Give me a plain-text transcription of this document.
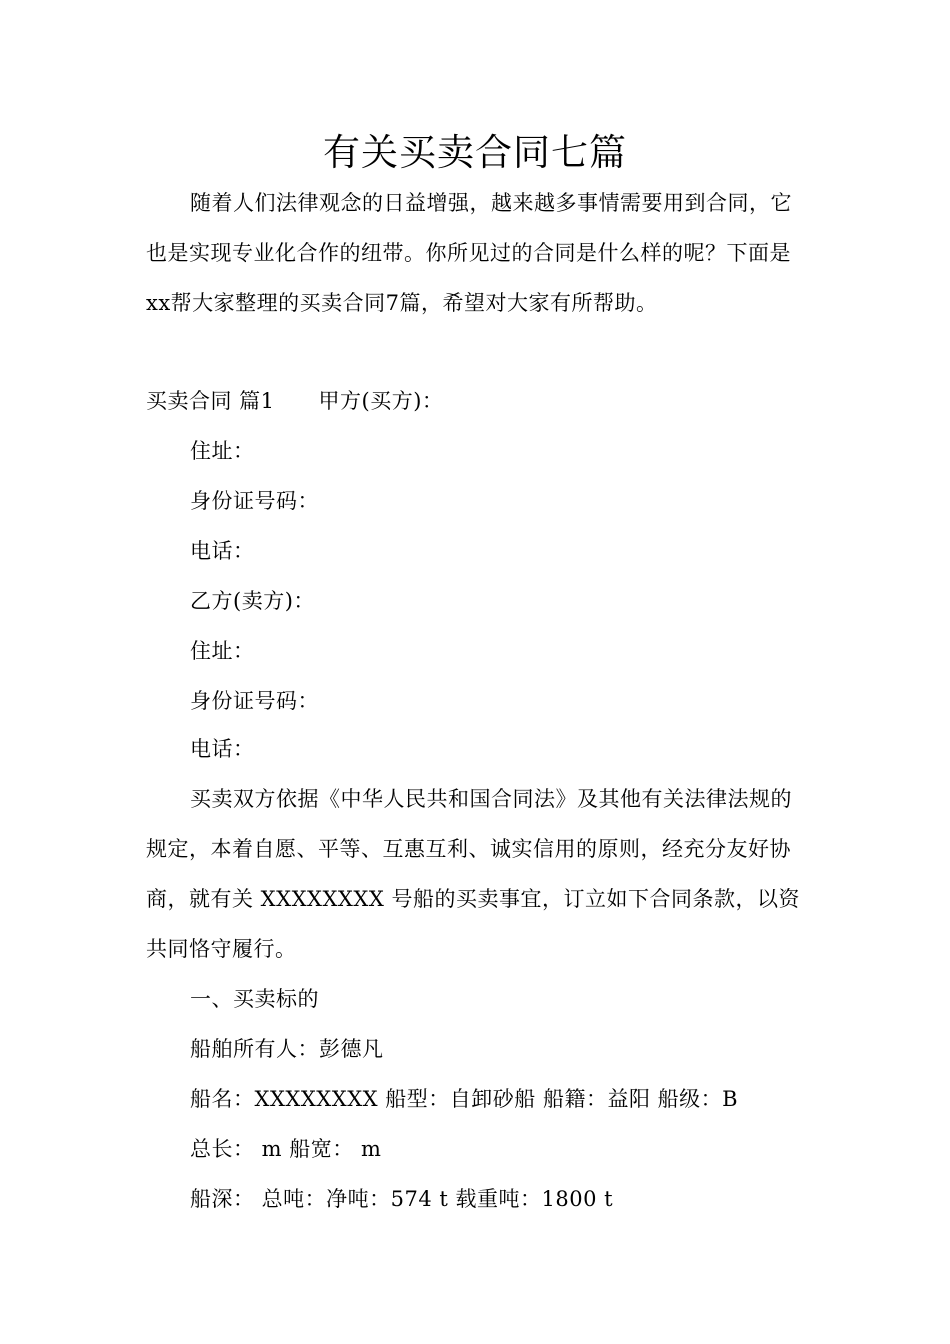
有关买卖合同七篇
随着人们法律观念的日益增强，越来越多事情需要用到合同，它也是实现专业化合作的纽带。你所见过的合同是什么样的呢？下面是xx帮大家整理的买卖合同7篇，希望对大家有所帮助。
买卖合同 篇1 甲方(买方)：
住址：
身份证号码：
电话：
乙方(卖方)：
住址：
身份证号码：
电话：
买卖双方依据《中华人民共和国合同法》及其他有关法律法规的规定，本着自愿、平等、互惠互利、诚实信用的原则，经充分友好协商，就有关 XXXXXXXX 号船的买卖事宜，订立如下合同条款，以资共同恪守履行。
一、买卖标的
船舶所有人：彭德凡
船名：XXXXXXXX 船型：自卸砂船 船籍：益阳 船级：B
总长： m 船宽： m
船深： 总吨：净吨：574 t 载重吨：1800 t
